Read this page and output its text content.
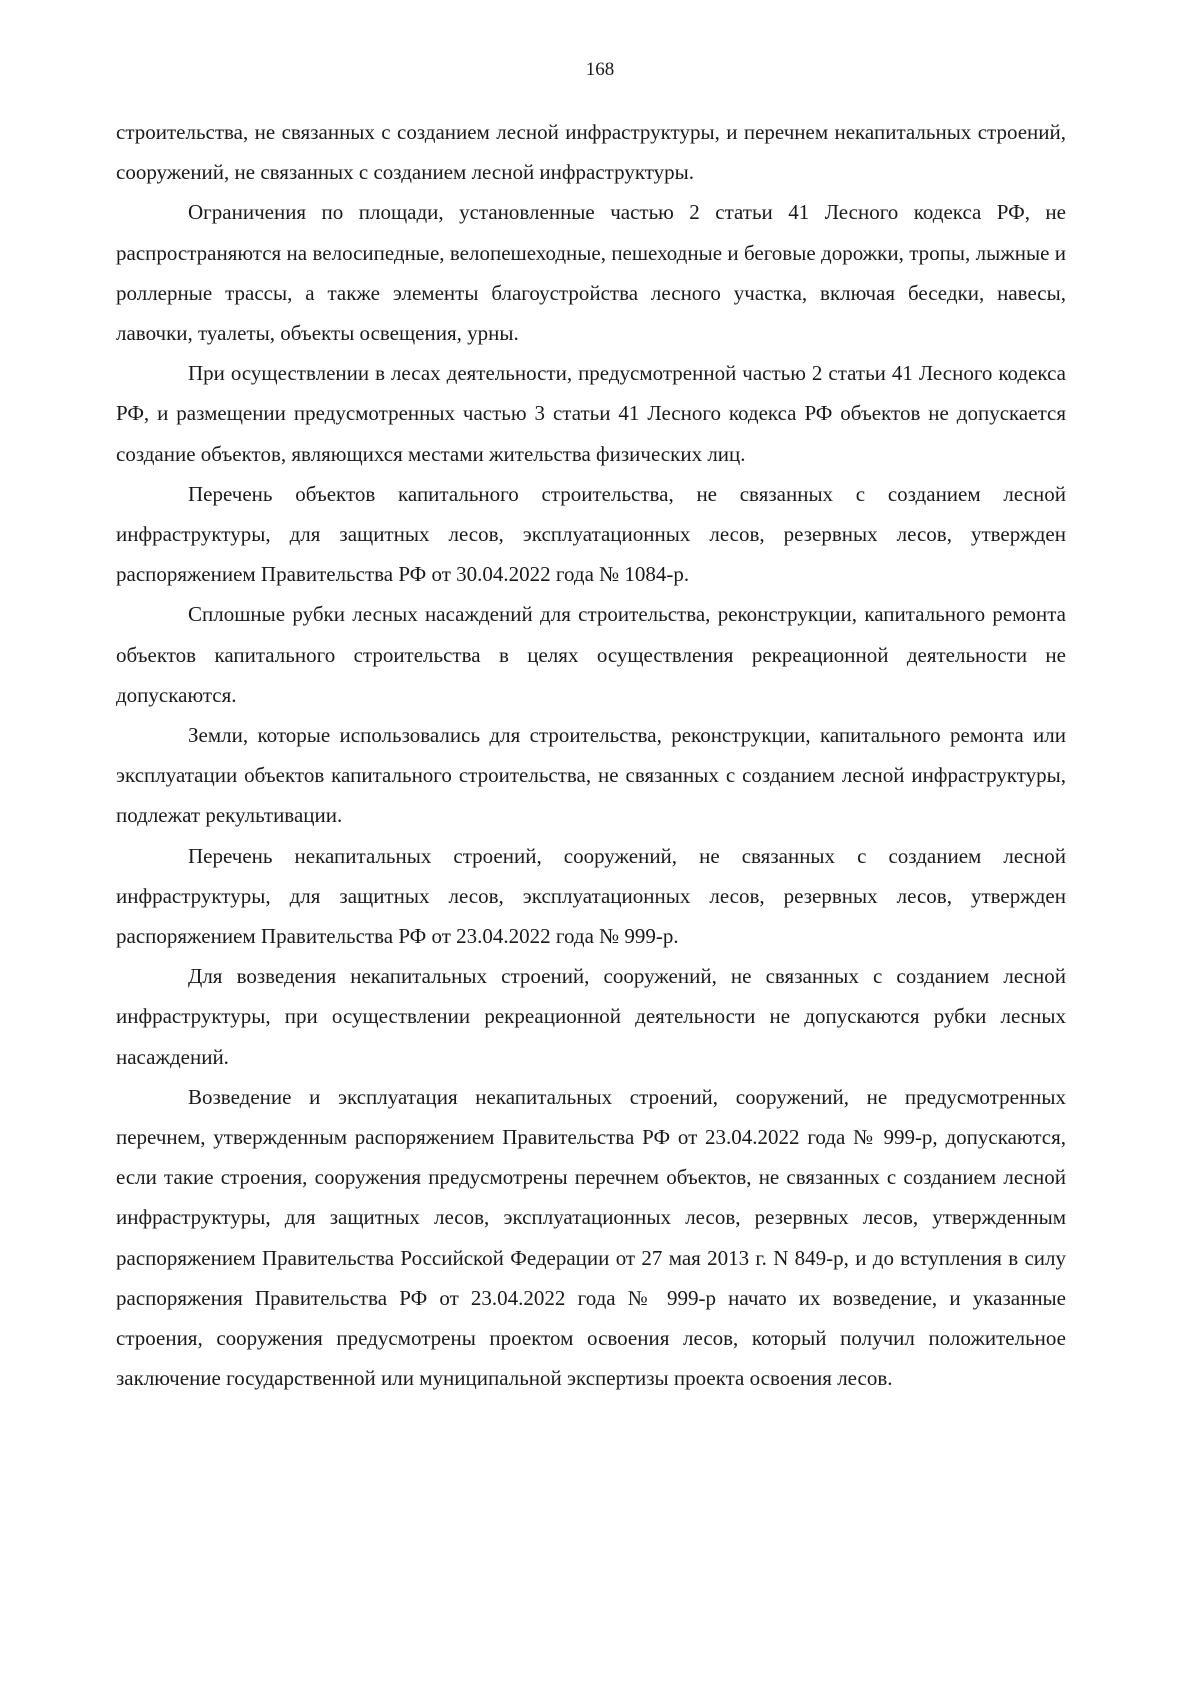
168

строительства, не связанных с созданием лесной инфраструктуры, и перечнем некапитальных строений, сооружений, не связанных с созданием лесной инфраструктуры.

Ограничения по площади, установленные частью 2 статьи 41 Лесного кодекса РФ, не распространяются на велосипедные, велопешеходные, пешеходные и беговые дорожки, тропы, лыжные и роллерные трассы, а также элементы благоустройства лесного участка, включая беседки, навесы, лавочки, туалеты, объекты освещения, урны.

При осуществлении в лесах деятельности, предусмотренной частью 2 статьи 41 Лесного кодекса РФ, и размещении предусмотренных частью 3 статьи 41 Лесного кодекса РФ объектов не допускается создание объектов, являющихся местами жительства физических лиц.

Перечень объектов капитального строительства, не связанных с созданием лесной инфраструктуры, для защитных лесов, эксплуатационных лесов, резервных лесов, утвержден распоряжением Правительства РФ от 30.04.2022 года № 1084-р.

Сплошные рубки лесных насаждений для строительства, реконструкции, капитального ремонта объектов капитального строительства в целях осуществления рекреационной деятельности не допускаются.

Земли, которые использовались для строительства, реконструкции, капитального ремонта или эксплуатации объектов капитального строительства, не связанных с созданием лесной инфраструктуры, подлежат рекультивации.

Перечень некапитальных строений, сооружений, не связанных с созданием лесной инфраструктуры, для защитных лесов, эксплуатационных лесов, резервных лесов, утвержден распоряжением Правительства РФ от 23.04.2022 года № 999-р.

Для возведения некапитальных строений, сооружений, не связанных с созданием лесной инфраструктуры, при осуществлении рекреационной деятельности не допускаются рубки лесных насаждений.

Возведение и эксплуатация некапитальных строений, сооружений, не предусмотренных перечнем, утвержденным распоряжением Правительства РФ от 23.04.2022 года № 999-р, допускаются, если такие строения, сооружения предусмотрены перечнем объектов, не связанных с созданием лесной инфраструктуры, для защитных лесов, эксплуатационных лесов, резервных лесов, утвержденным распоряжением Правительства Российской Федерации от 27 мая 2013 г. N 849-р, и до вступления в силу распоряжения Правительства РФ от 23.04.2022 года № 999-р начато их возведение, и указанные строения, сооружения предусмотрены проектом освоения лесов, который получил положительное заключение государственной или муниципальной экспертизы проекта освоения лесов.
